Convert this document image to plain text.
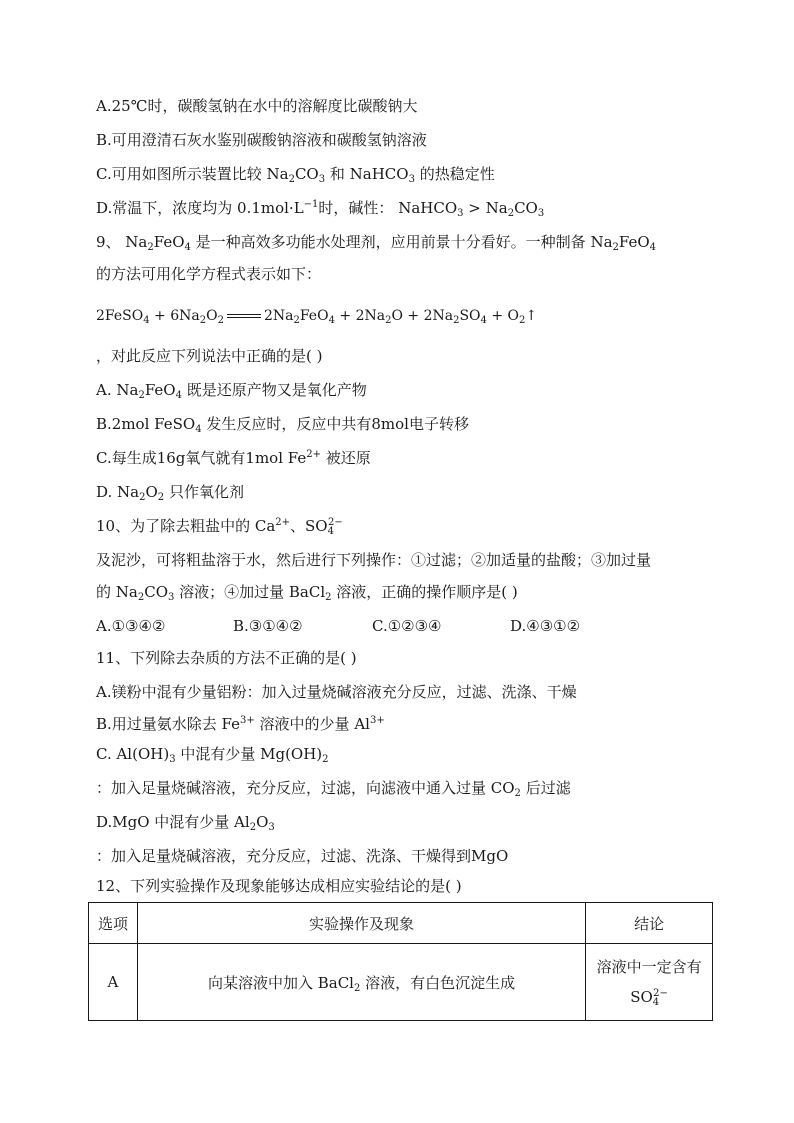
A.25℃时，碳酸氢钠在水中的溶解度比碳酸钠大
B.可用澄清石灰水鉴别碳酸钠溶液和碳酸氢钠溶液
C.可用如图所示装置比较 $Na_2CO_3$ 和 NaHCO$_3$ 的热稳定性
D.常温下，浓度均为 $0.1mol\cdot L^{-1}$时，碱性： NaHCO$_3$ > $Na_2CO_3$
9、 $Na_2FeO_4$ 是一种高效多功能水处理剂，应用前景十分看好。一种制备 $Na_2FeO_4$
的方法可用化学方程式表示如下：
2FeSO$_4$ + $6Na_2O_2$	$2Na_2FeO_4 + 2Na_2O + 2Na_2SO_4$ + $O_2↑$
，对此反应下列说法中正确的是( )
A. $Na_2FeO_4$ 既是还原产物又是氧化产物
B.2mol FeSO$_4$ 发生反应时，反应中共有8mol电子转移
C.每生成16g氧气就有1mol $Fe^{2+}$ 被还原
D. $Na_2O_2$ 只作氧化剂
10、为了除去粗盐中的 $Ca^{2+}$、$SO_4^{2-}$
及泥沙，可将粗盐溶于水，然后进行下列操作：①过滤；②加适量的盐酸；③加过量
的 $Na_2CO_3$ 溶液；④加过量 BaCl$_2$ 溶液，正确的操作顺序是( )
A.①③④②	B.③①④②	C.①②③④	D.④③①②
11、下列除去杂质的方法不正确的是( )
A.镁粉中混有少量铝粉：加入过量烧碱溶液充分反应，过滤、洗涤、干燥
B.用过量氨水除去 $Fe^{3+}$ 溶液中的少量 $Al^{3+}$
C. $Al(OH)_3$ 中混有少量 $Mg(OH)_2$
：加入足量烧碱溶液，充分反应，过滤，向滤液中通入过量 $CO_2$ 后过滤
D.MgO 中混有少量 $Al_2O_3$
：加入足量烧碱溶液，充分反应，过滤、洗涤、干燥得到MgO
12、下列实验操作及现象能够达成相应实验结论的是( )
选项	实验操作及现象	结论
A	向某溶液中加入 BaCl$_2$ 溶液，有白色沉淀生成	溶液中一定含有
$SO_4^{2-}$
